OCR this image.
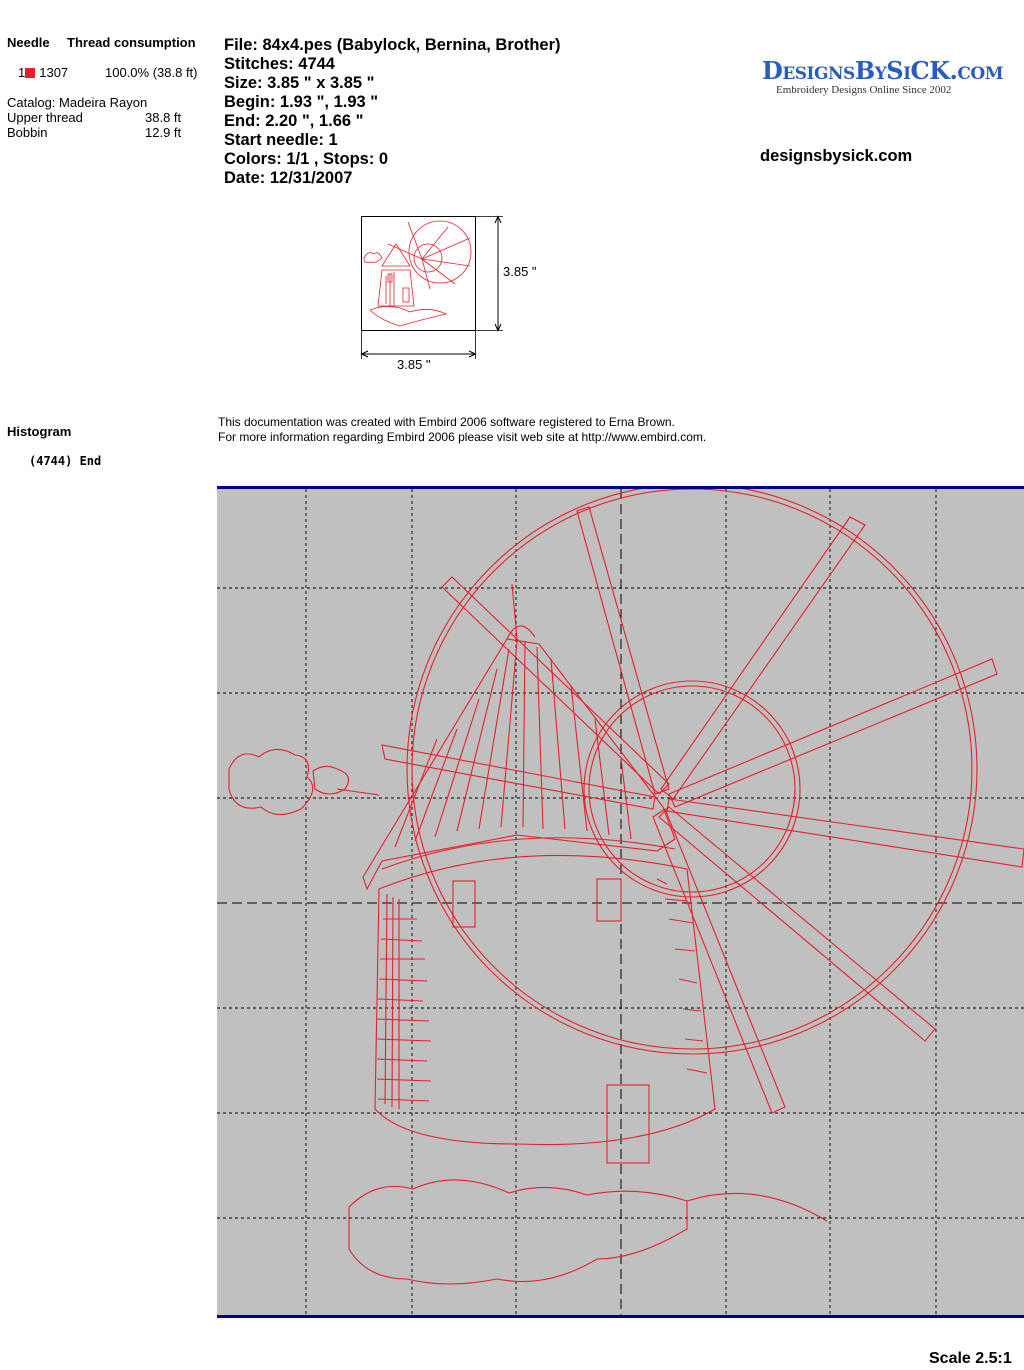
Needle Thread consumption
1 1307	100.0% (38.8 ft)
Catalog: Madeira Rayon
Upper thread	38.8 ft
Bobbin	12.9 ft
File: 84x4.pes (Babylock, Bernina, Brother)
Stitches: 4744
Size: 3.85 " x 3.85 "
Begin: 1.93 ", 1.93 "
End: 2.20 ", 1.66 "
Start needle: 1
Colors: 1/1 , Stops: 0
Date: 12/31/2007
DesignsBySiCK.com
Embroidery Designs Online Since 2002
designsbysick.com
3.85 "
3.85 "
Histogram
(4744) End
This documentation was created with Embird 2006 software registered to Erna Brown.
For more information regarding Embird 2006 please visit web site at http://www.embird.com.
Scale 2.5:1
